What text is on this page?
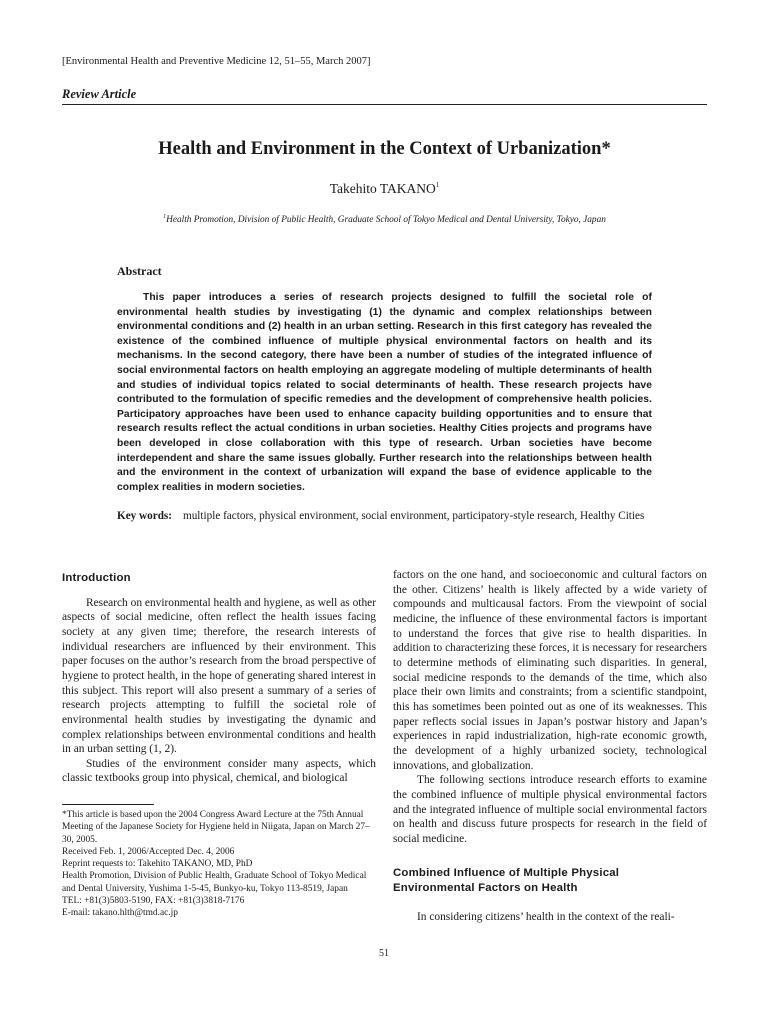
[Environmental Health and Preventive Medicine 12, 51–55, March 2007]
Review Article
Health and Environment in the Context of Urbanization*
Takehito TAKANO$^1$
$^1$Health Promotion, Division of Public Health, Graduate School of Tokyo Medical and Dental University, Tokyo, Japan
Abstract
This paper introduces a series of research projects designed to fulfill the societal role of environmental health studies by investigating (1) the dynamic and complex relationships between environmental conditions and (2) health in an urban setting. Research in this first category has revealed the existence of the combined influence of multiple physical environmental factors on health and its mechanisms. In the second category, there have been a number of studies of the integrated influence of social environmental factors on health employing an aggregate modeling of multiple determinants of health and studies of individual topics related to social determinants of health. These research projects have contributed to the formulation of specific remedies and the development of comprehensive health policies. Participatory approaches have been used to enhance capacity building opportunities and to ensure that research results reflect the actual conditions in urban societies. Healthy Cities projects and programs have been developed in close collaboration with this type of research. Urban societies have become interdependent and share the same issues globally. Further research into the relationships between health and the environment in the context of urbanization will expand the base of evidence applicable to the complex realities in modern societies.
Key words: multiple factors, physical environment, social environment, participatory-style research, Healthy Cities
Introduction

Research on environmental health and hygiene, as well as other aspects of social medicine, often reflect the health issues facing society at any given time; therefore, the research interests of individual researchers are influenced by their environment. This paper focuses on the author’s research from the broad perspective of hygiene to protect health, in the hope of generating shared interest in this subject. This report will also present a summary of a series of research projects attempting to fulfill the societal role of environmental health studies by investigating the dynamic and complex relationships between environmental conditions and health in an urban setting (1, 2).

Studies of the environment consider many aspects, which classic textbooks group into physical, chemical, and biological

*This article is based upon the 2004 Congress Award Lecture at the 75th Annual Meeting of the Japanese Society for Hygiene held in Niigata, Japan on March 27–30, 2005.
Received Feb. 1, 2006/Accepted Dec. 4, 2006
Reprint requests to: Takehito TAKANO, MD, PhD
Health Promotion, Division of Public Health, Graduate School of Tokyo Medical and Dental University, Yushima 1-5-45, Bunkyo-ku, Tokyo 113-8519, Japan
TEL: +81(3)5803-5190, FAX: +81(3)3818-7176
E-mail: takano.hlth@tmd.ac.jp

factors on the one hand, and socioeconomic and cultural factors on the other. Citizens’ health is likely affected by a wide variety of compounds and multicausal factors. From the viewpoint of social medicine, the influence of these environmental factors is important to understand the forces that give rise to health disparities. In addition to characterizing these forces, it is necessary for researchers to determine methods of eliminating such disparities. In general, social medicine responds to the demands of the time, which also place their own limits and constraints; from a scientific standpoint, this has sometimes been pointed out as one of its weaknesses. This paper reflects social issues in Japan’s postwar history and Japan’s experiences in rapid industrialization, high-rate economic growth, the development of a highly urbanized society, technological innovations, and globalization.

The following sections introduce research efforts to examine the combined influence of multiple physical environmental factors and the integrated influence of multiple social environmental factors on health and discuss future prospects for research in the field of social medicine.

Combined Influence of Multiple Physical
Environmental Factors on Health

In considering citizens’ health in the context of the reali-

51
